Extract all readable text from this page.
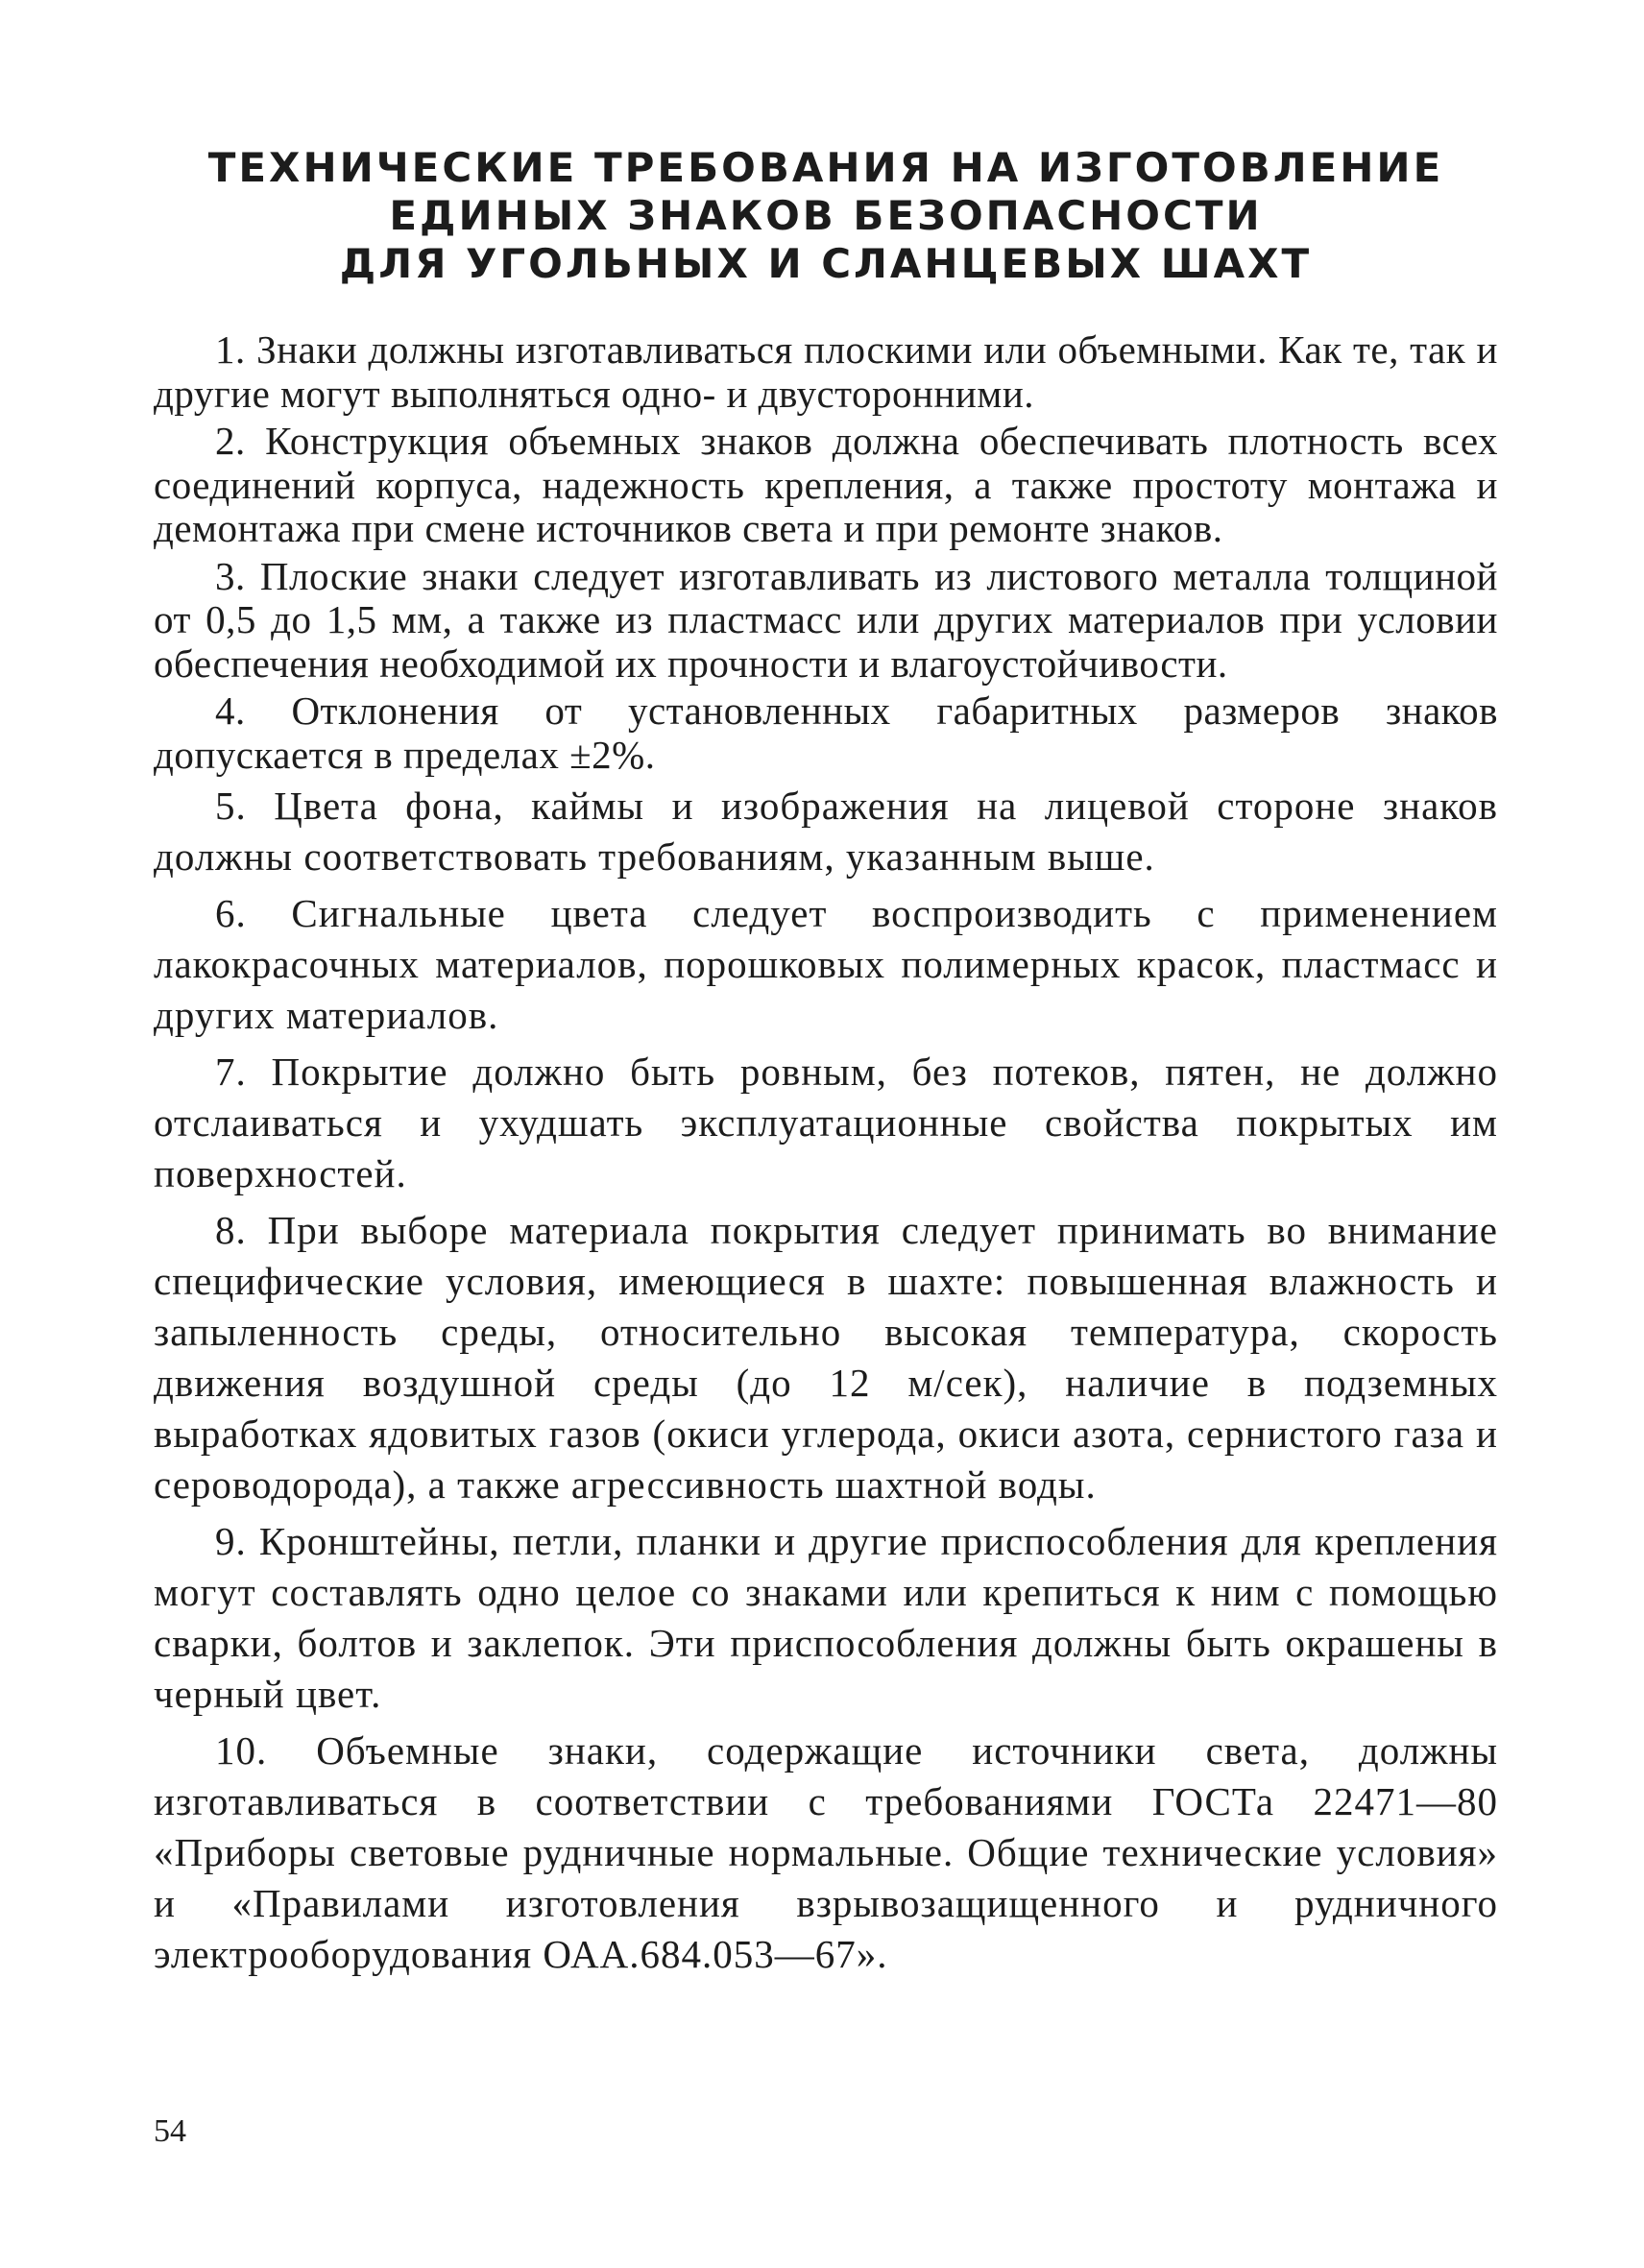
ТЕХНИЧЕСКИЕ ТРЕБОВАНИЯ НА ИЗГОТОВЛЕНИЕ
ЕДИНЫХ ЗНАКОВ БЕЗОПАСНОСТИ
ДЛЯ УГОЛЬНЫХ И СЛАНЦЕВЫХ ШАХТ

1. Знаки должны изготавливаться плоскими или объемными. Как те, так и другие могут выполняться одно- и двусторонними.

2. Конструкция объемных знаков должна обеспечивать плотность всех соединений корпуса, надежность крепления, а также простоту монтажа и демонтажа при смене источников света и при ремонте знаков.

3. Плоские знаки следует изготавливать из листового металла толщиной от 0,5 до 1,5 мм, а также из пластмасс или других материалов при условии обеспечения необходимой их прочности и влагоустойчивости.

4. Отклонения от установленных габаритных размеров знаков допускается в пределах ±2%.

5. Цвета фона, каймы и изображения на лицевой стороне знаков должны соответствовать требованиям, указанным выше.

6. Сигнальные цвета следует воспроизводить с применением лакокрасочных материалов, порошковых полимерных красок, пластмасс и других материалов.

7. Покрытие должно быть ровным, без потеков, пятен, не должно отслаиваться и ухудшать эксплуатационные свойства покрытых им поверхностей.

8. При выборе материала покрытия следует принимать во внимание специфические условия, имеющиеся в шахте: повышенная влажность и запыленность среды, относительно высокая температура, скорость движения воздушной среды (до 12 м/сек), наличие в подземных выработках ядовитых газов (окиси углерода, окиси азота, сернистого газа и сероводорода), а также агрессивность шахтной воды.

9. Кронштейны, петли, планки и другие приспособления для крепления могут составлять одно целое со знаками или крепиться к ним с помощью сварки, болтов и заклепок. Эти приспособления должны быть окрашены в черный цвет.

10. Объемные знаки, содержащие источники света, должны изготавливаться в соответствии с требованиями ГОСТа 22471—80 «Приборы световые рудничные нормальные. Общие технические условия» и «Правилами изготовления взрывозащищенного и рудничного электрооборудования ОАА.684.053—67».

54
